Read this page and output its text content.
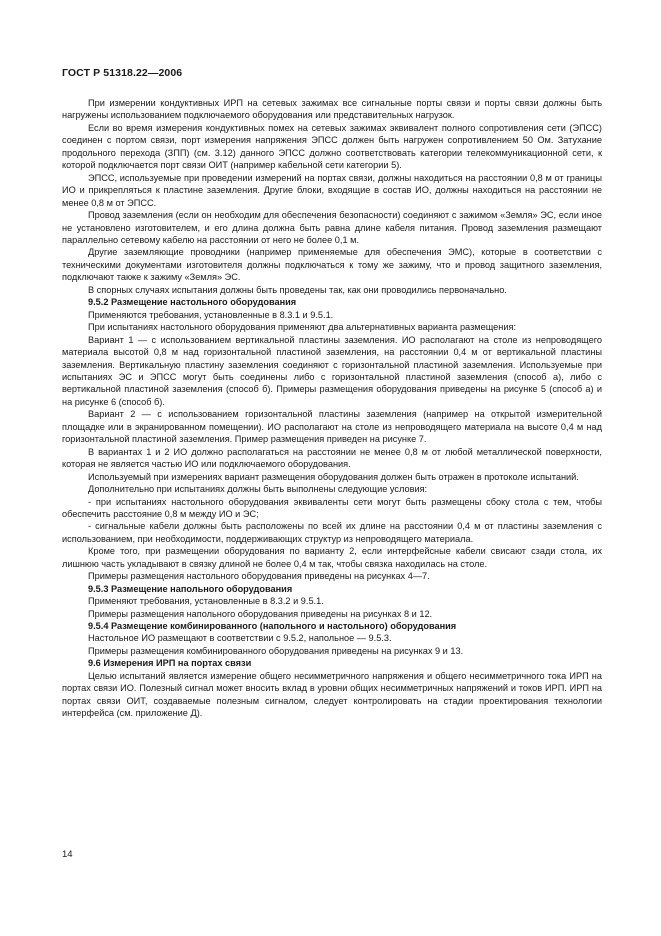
ГОСТ Р 51318.22—2006
При измерении кондуктивных ИРП на сетевых зажимах все сигнальные порты связи и порты связи должны быть нагружены использованием подключаемого оборудования или представительных нагрузок.
Если во время измерения кондуктивных помех на сетевых зажимах эквивалент полного сопротивления сети (ЭПСС) соединен с портом связи, порт измерения напряжения ЭПСС должен быть нагружен сопротивлением 50 Ом. Затухание продольного перехода (ЗПП) (см. 3.12) данного ЭПСС должно соответствовать категории телекоммуникационной сети, к которой подключается порт связи ОИТ (например кабельной сети категории 5).
ЭПСС, используемые при проведении измерений на портах связи, должны находиться на расстоянии 0,8 м от границы ИО и прикрепляться к пластине заземления. Другие блоки, входящие в состав ИО, должны находиться на расстоянии не менее 0,8 м от ЭПСС.
Провод заземления (если он необходим для обеспечения безопасности) соединяют с зажимом «Земля» ЭС, если иное не установлено изготовителем, и его длина должна быть равна длине кабеля питания. Провод заземления размещают параллельно сетевому кабелю на расстоянии от него не более 0,1 м.
Другие заземляющие проводники (например применяемые для обеспечения ЭМС), которые в соответствии с техническими документами изготовителя должны подключаться к тому же зажиму, что и провод защитного заземления, подключают также к зажиму «Земля» ЭС.
В спорных случаях испытания должны быть проведены так, как они проводились первоначально.
9.5.2 Размещение настольного оборудования
Применяются требования, установленные в 8.3.1 и 9.5.1.
При испытаниях настольного оборудования применяют два альтернативных варианта размещения:
Вариант 1 — с использованием вертикальной пластины заземления. ИО располагают на столе из непроводящего материала высотой 0,8 м над горизонтальной пластиной заземления, на расстоянии 0,4 м от вертикальной пластины заземления. Вертикальную пластину заземления соединяют с горизонтальной пластиной заземления. Используемые при испытаниях ЭС и ЭПСС могут быть соединены либо с горизонтальной пластиной заземления (способ а), либо с вертикальной пластиной заземления (способ б). Примеры размещения оборудования приведены на рисунке 5 (способ а) и на рисунке 6 (способ б).
Вариант 2 — с использованием горизонтальной пластины заземления (например на открытой измерительной площадке или в экранированном помещении). ИО располагают на столе из непроводящего материала на высоте 0,4 м над горизонтальной пластиной заземления. Пример размещения приведен на рисунке 7.
В вариантах 1 и 2 ИО должно располагаться на расстоянии не менее 0,8 м от любой металлической поверхности, которая не является частью ИО или подключаемого оборудования.
Используемый при измерениях вариант размещения оборудования должен быть отражен в протоколе испытаний.
Дополнительно при испытаниях должны быть выполнены следующие условия:
- при испытаниях настольного оборудования эквиваленты сети могут быть размещены сбоку стола с тем, чтобы обеспечить расстояние 0,8 м между ИО и ЭС;
- сигнальные кабели должны быть расположены по всей их длине на расстоянии 0,4 м от пластины заземления с использованием, при необходимости, поддерживающих структур из непроводящего материала.
Кроме того, при размещении оборудования по варианту 2, если интерфейсные кабели свисают сзади стола, их лишнюю часть укладывают в связку длиной не более 0,4 м так, чтобы связка находилась на столе.
Примеры размещения настольного оборудования приведены на рисунках 4—7.
9.5.3 Размещение напольного оборудования
Применяют требования, установленные в 8.3.2 и 9.5.1.
Примеры размещения напольного оборудования приведены на рисунках 8 и 12.
9.5.4 Размещение комбинированного (напольного и настольного) оборудования
Настольное ИО размещают в соответствии с 9.5.2, напольное — 9.5.3.
Примеры размещения комбинированного оборудования приведены на рисунках 9 и 13.
9.6 Измерения ИРП на портах связи
Целью испытаний является измерение общего несимметричного напряжения и общего несимметричного тока ИРП на портах связи ИО. Полезный сигнал может вносить вклад в уровни общих несимметричных напряжений и токов ИРП. ИРП на портах связи ОИТ, создаваемые полезным сигналом, следует контролировать на стадии проектирования технологии интерфейса (см. приложение Д).
14
